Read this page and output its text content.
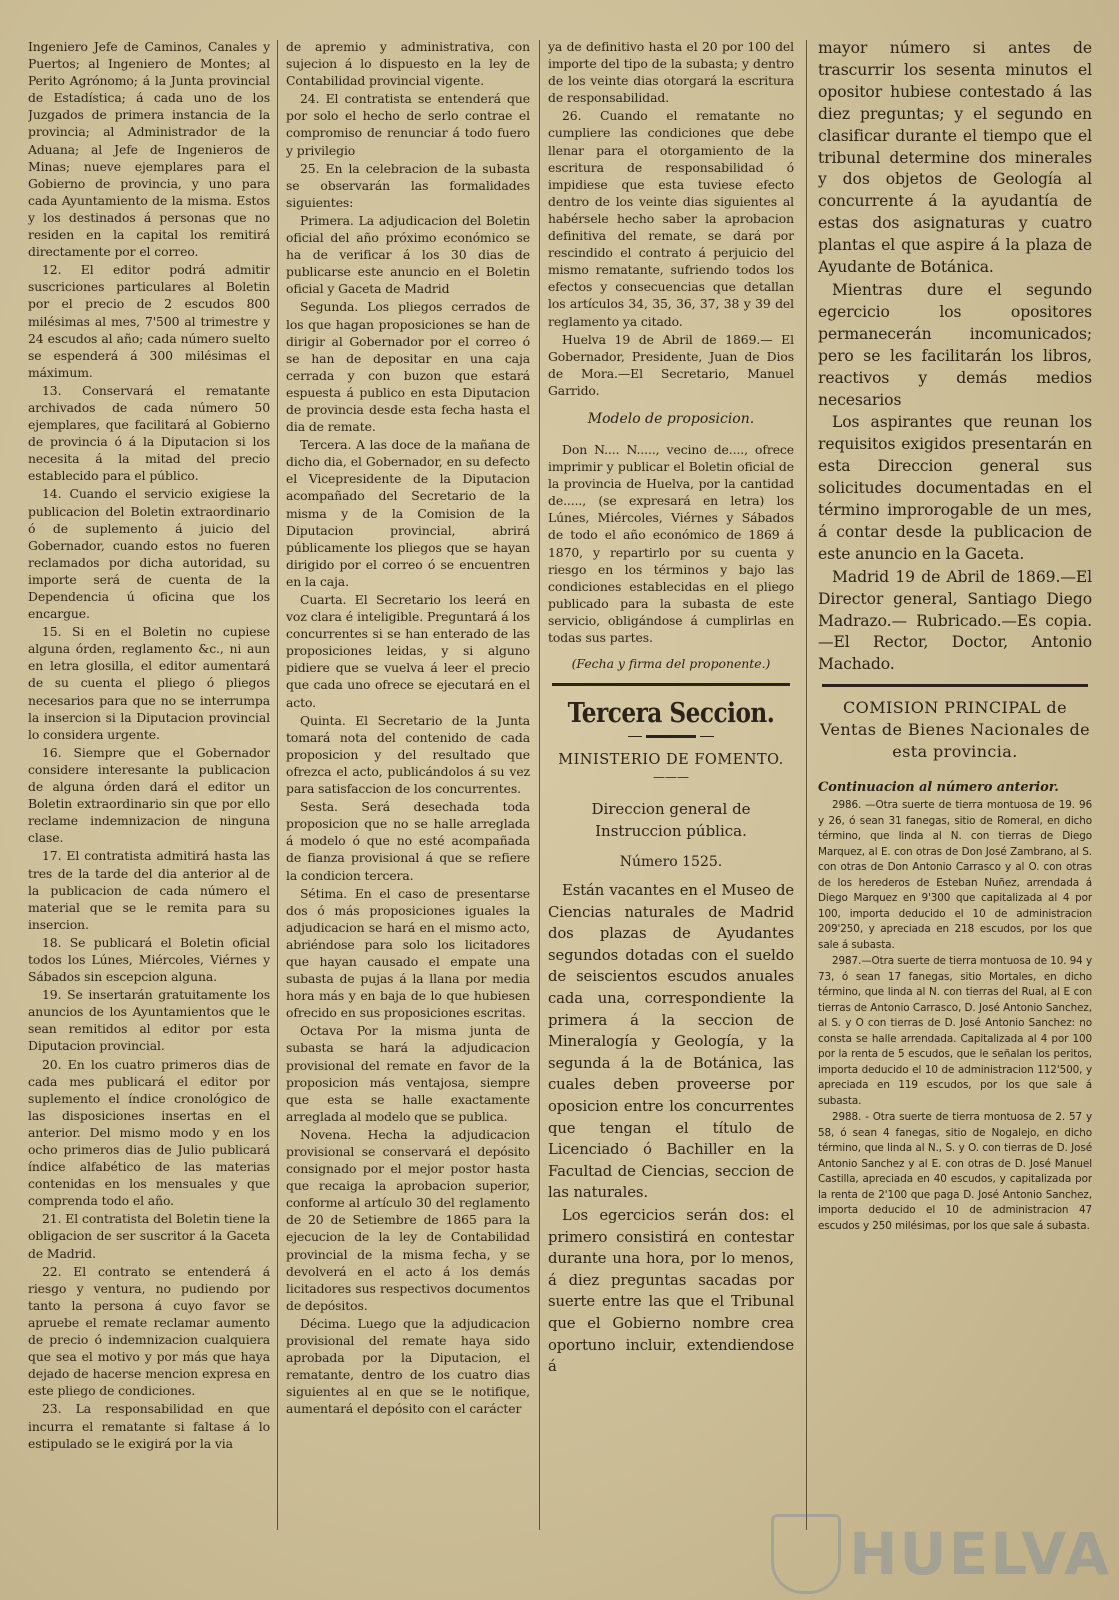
Ingeniero Jefe de Caminos, Canales y Puertos; al Ingeniero de Montes; al Perito Agrónomo; á la Junta provincial de Estadística; á cada uno de los Juzgados de primera instancia de la provincia; al Administrador de la Aduana; al Jefe de Ingenieros de Minas; nueve ejemplares para el Gobierno de provincia, y uno para cada Ayuntamiento de la misma. Estos y los destinados á personas que no residen en la capital los remitirá directamente por el correo.

12. El editor podrá admitir suscriciones particulares al Boletin por el precio de 2 escudos 800 milésimas al mes, 7'500 al trimestre y 24 escudos al año; cada número suelto se espenderá á 300 milésimas el máximum.

13. Conservará el rematante archivados de cada número 50 ejemplares, que facilitará al Gobierno de provincia ó á la Diputacion si los necesita á la mitad del precio establecido para el público.

14. Cuando el servicio exigiese la publicacion del Boletin extraordinario ó de suplemento á juicio del Gobernador, cuando estos no fueren reclamados por dicha autoridad, su importe será de cuenta de la Dependencia ú oficina que los encargue.

15. Si en el Boletin no cupiese alguna órden, reglamento &c., ni aun en letra glosilla, el editor aumentará de su cuenta el pliego ó pliegos necesarios para que no se interrumpa la insercion si la Diputacion provincial lo considera urgente.

16. Siempre que el Gobernador considere interesante la publicacion de alguna órden dará el editor un Boletin extraordinario sin que por ello reclame indemnizacion de ninguna clase.

17. El contratista admitirá hasta las tres de la tarde del dia anterior al de la publicacion de cada número el material que se le remita para su insercion.

18. Se publicará el Boletin oficial todos los Lúnes, Miércoles, Viérnes y Sábados sin escepcion alguna.

19. Se insertarán gratuitamente los anuncios de los Ayuntamientos que le sean remitidos al editor por esta Diputacion provincial.

20. En los cuatro primeros dias de cada mes publicará el editor por suplemento el índice cronológico de las disposiciones insertas en el anterior. Del mismo modo y en los ocho primeros dias de Julio publicará índice alfabético de las materias contenidas en los mensuales y que comprenda todo el año.

21. El contratista del Boletin tiene la obligacion de ser suscritor á la Gaceta de Madrid.

22. El contrato se entenderá á riesgo y ventura, no pudiendo por tanto la persona á cuyo favor se apruebe el remate reclamar aumento de precio ó indemnizacion cualquiera que sea el motivo y por más que haya dejado de hacerse mencion expresa en este pliego de condiciones.

23. La responsabilidad en que incurra el rematante si faltase á lo estipulado se le exigirá por la via

de apremio y administrativa, con sujecion á lo dispuesto en la ley de Contabilidad provincial vigente.

24. El contratista se entenderá que por solo el hecho de serlo contrae el compromiso de renunciar á todo fuero y privilegio

25. En la celebracion de la subasta se observarán las formalidades siguientes:

Primera. La adjudicacion del Boletin oficial del año próximo económico se ha de verificar á los 30 dias de publicarse este anuncio en el Boletin oficial y Gaceta de Madrid

Segunda. Los pliegos cerrados de los que hagan proposiciones se han de dirigir al Gobernador por el correo ó se han de depositar en una caja cerrada y con buzon que estará espuesta á publico en esta Diputacion de provincia desde esta fecha hasta el dia de remate.

Tercera. A las doce de la mañana de dicho dia, el Gobernador, en su defecto el Vicepresidente de la Diputacion acompañado del Secretario de la misma y de la Comision de la Diputacion provincial, abrirá públicamente los pliegos que se hayan dirigido por el correo ó se encuentren en la caja.

Cuarta. El Secretario los leerá en voz clara é inteligible. Preguntará á los concurrentes si se han enterado de las proposiciones leidas, y si alguno pidiere que se vuelva á leer el precio que cada uno ofrece se ejecutará en el acto.

Quinta. El Secretario de la Junta tomará nota del contenido de cada proposicion y del resultado que ofrezca el acto, publicándolos á su vez para satisfaccion de los concurrentes.

Sesta. Será desechada toda proposicion que no se halle arreglada á modelo ó que no esté acompañada de fianza provisional á que se refiere la condicion tercera.

Sétima. En el caso de presentarse dos ó más proposiciones iguales la adjudicacion se hará en el mismo acto, abriéndose para solo los licitadores que hayan causado el empate una subasta de pujas á la llana por media hora más y en baja de lo que hubiesen ofrecido en sus proposiciones escritas.

Octava Por la misma junta de subasta se hará la adjudicacion provisional del remate en favor de la proposicion más ventajosa, siempre que esta se halle exactamente arreglada al modelo que se publica.

Novena. Hecha la adjudicacion provisional se conservará el depósito consignado por el mejor postor hasta que recaiga la aprobacion superior, conforme al artículo 30 del reglamento de 20 de Setiembre de 1865 para la ejecucion de la ley de Contabilidad provincial de la misma fecha, y se devolverá en el acto á los demás licitadores sus respectivos documentos de depósitos.

Décima. Luego que la adjudicacion provisional del remate haya sido aprobada por la Diputacion, el rematante, dentro de los cuatro dias siguientes al en que se le notifique, aumentará el depósito con el carácter

ya de definitivo hasta el 20 por 100 del importe del tipo de la subasta; y dentro de los veinte dias otorgará la escritura de responsabilidad.

26. Cuando el rematante no cumpliere las condiciones que debe llenar para el otorgamiento de la escritura de responsabilidad ó impidiese que esta tuviese efecto dentro de los veinte dias siguientes al habérsele hecho saber la aprobacion definitiva del remate, se dará por rescindido el contrato á perjuicio del mismo rematante, sufriendo todos los efectos y consecuencias que detallan los artículos 34, 35, 36, 37, 38 y 39 del reglamento ya citado.

Huelva 19 de Abril de 1869.— El Gobernador, Presidente, Juan de Dios de Mora.—El Secretario, Manuel Garrido.

Modelo de proposicion.

Don N.... N....., vecino de...., ofrece imprimir y publicar el Boletin oficial de la provincia de Huelva, por la cantidad de....., (se expresará en letra) los Lúnes, Miércoles, Viérnes y Sábados de todo el año económico de 1869 á 1870, y repartirlo por su cuenta y riesgo en los términos y bajo las condiciones establecidas en el pliego publicado para la subasta de este servicio, obligándose á cumplirlas en todas sus partes.

(Fecha y firma del proponente.)

Tercera Seccion.

MINISTERIO DE FOMENTO.

———

Direccion general de Instruccion pública.

Número 1525.

Están vacantes en el Museo de Ciencias naturales de Madrid dos plazas de Ayudantes segundos dotadas con el sueldo de seiscientos escudos anuales cada una, correspondiente la primera á la seccion de Mineralogía y Geología, y la segunda á la de Botánica, las cuales deben proveerse por oposicion entre los concurrentes que tengan el título de Licenciado ó Bachiller en la Facultad de Ciencias, seccion de las naturales.

Los egercicios serán dos: el primero consistirá en contestar durante una hora, por lo menos, á diez preguntas sacadas por suerte entre las que el Tribunal que el Gobierno nombre crea oportuno incluir, extendiendose á

mayor número si antes de trascurrir los sesenta minutos el opositor hubiese contestado á las diez preguntas; y el segundo en clasificar durante el tiempo que el tribunal determine dos minerales y dos objetos de Geología al concurrente á la ayudantía de estas dos asignaturas y cuatro plantas el que aspire á la plaza de Ayudante de Botánica.

Mientras dure el segundo egercicio los opositores permanecerán incomunicados; pero se les facilitarán los libros, reactivos y demás medios necesarios

Los aspirantes que reunan los requisitos exigidos presentarán en esta Direccion general sus solicitudes documentadas en el término improrogable de un mes, á contar desde la publicacion de este anuncio en la Gaceta.

Madrid 19 de Abril de 1869.—El Director general, Santiago Diego Madrazo.— Rubricado.—Es copia.—El Rector, Doctor, Antonio Machado.

COMISION PRINCIPAL de Ventas de Bienes Nacionales de esta provincia.

Continuacion al número anterior.

2986. —Otra suerte de tierra montuosa de 19. 96 y 26, ó sean 31 fanegas, sitio de Romeral, en dicho término, que linda al N. con tierras de Diego Marquez, al E. con otras de Don José Zambrano, al S. con otras de Don Antonio Carrasco y al O. con otras de los herederos de Esteban Nuñez, arrendada á Diego Marquez en 9'300 que capitalizada al 4 por 100, importa deducido el 10 de administracion 209'250, y apreciada en 218 escudos, por los que sale á subasta.

2987.—Otra suerte de tierra montuosa de 10. 94 y 73, ó sean 17 fanegas, sitio Mortales, en dicho término, que linda al N. con tierras del Rual, al E con tierras de Antonio Carrasco, D. José Antonio Sanchez, al S. y O con tierras de D. José Antonio Sanchez: no consta se halle arrendada. Capitalizada al 4 por 100 por la renta de 5 escudos, que le señalan los peritos, importa deducido el 10 de administracion 112'500, y apreciada en 119 escudos, por los que sale á subasta.

2988. - Otra suerte de tierra montuosa de 2. 57 y 58, ó sean 4 fanegas, sitio de Nogalejo, en dicho término, que linda al N., S. y O. con tierras de D. José Antonio Sanchez y al E. con otras de D. José Manuel Castilla, apreciada en 40 escudos, y capitalizada por la renta de 2'100 que paga D. José Antonio Sanchez, importa deducido el 10 de administracion 47 escudos y 250 milésimas, por los que sale á subasta.

HUELVA
